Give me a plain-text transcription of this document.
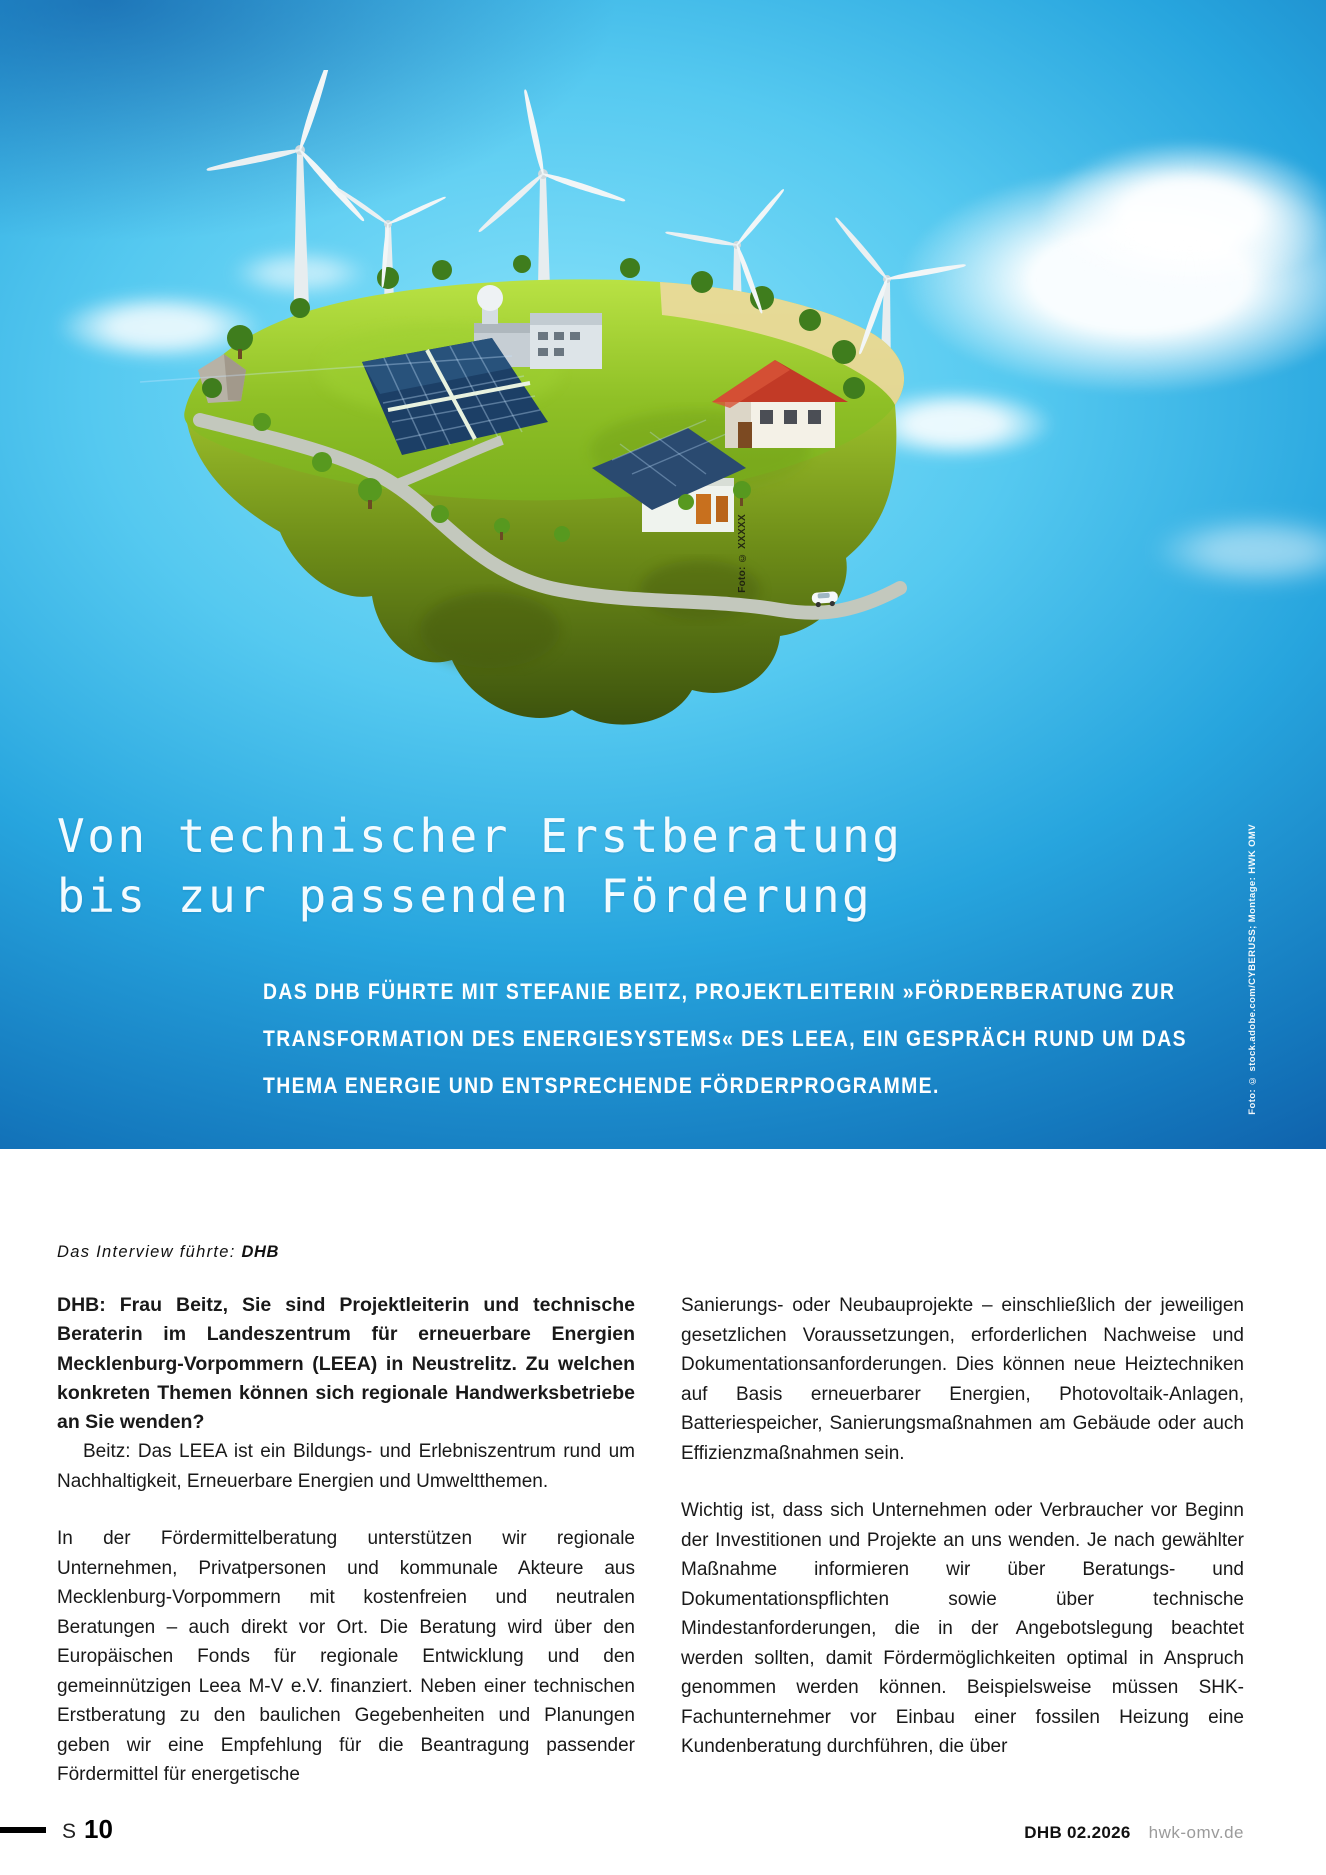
Foto: © XXXXX
Von technischer Erstberatung
bis zur passenden Förderung
DAS DHB FÜHRTE MIT STEFANIE BEITZ, PROJEKTLEITERIN »FÖRDERBERATUNG ZUR
TRANSFORMATION DES ENERGIESYSTEMS« DES LEEA, EIN GESPRÄCH RUND UM DAS
THEMA ENERGIE UND ENTSPRECHENDE FÖRDERPROGRAMME.	Foto: © stock.adobe.com/CYBERUSS; Montage: HWK OMV
Das Interview führte: DHB

DHB: Frau Beitz, Sie sind Projektleiterin und technische Beraterin im Landeszentrum für erneuerbare Energien Mecklenburg-Vorpommern (LEEA) in Neustrelitz. Zu welchen konkreten Themen können sich regionale Handwerksbetriebe an Sie wenden?

Beitz: Das LEEA ist ein Bildungs- und Erlebniszentrum rund um Nachhaltigkeit, Erneuerbare Energien und Umweltthemen.

In der Fördermittelberatung unterstützen wir regionale Unternehmen, Privatpersonen und kommunale Akteure aus Mecklenburg-Vorpommern mit kostenfreien und neutralen Beratungen – auch direkt vor Ort. Die Beratung wird über den Europäischen Fonds für regionale Entwicklung und den gemeinnützigen Leea M-V e.V. finanziert. Neben einer technischen Erstberatung zu den baulichen Gegebenheiten und Planungen geben wir eine Empfehlung für die Beantragung passender Fördermittel für energetische

Sanierungs- oder Neubauprojekte – einschließlich der jeweiligen gesetzlichen Voraussetzungen, erforderlichen Nachweise und Dokumentationsanforderungen. Dies können neue Heiztechniken auf Basis erneuerbarer Energien, Photovoltaik-Anlagen, Batteriespeicher, Sanierungsmaßnahmen am Gebäude oder auch Effizienzmaßnahmen sein.

Wichtig ist, dass sich Unternehmen oder Verbraucher vor Beginn der Investitionen und Projekte an uns wenden. Je nach gewählter Maßnahme informieren wir über Beratungs- und Dokumentationspflichten sowie über technische Mindestanforderungen, die in der Angebotslegung beachtet werden sollten, damit Fördermöglichkeiten optimal in Anspruch genommen werden können. Beispielsweise müssen SHK- Fachunternehmer vor Einbau einer fossilen Heizung eine Kundenberatung durchführen, die über

S 10	DHB 02.2026 hwk-omv.de
